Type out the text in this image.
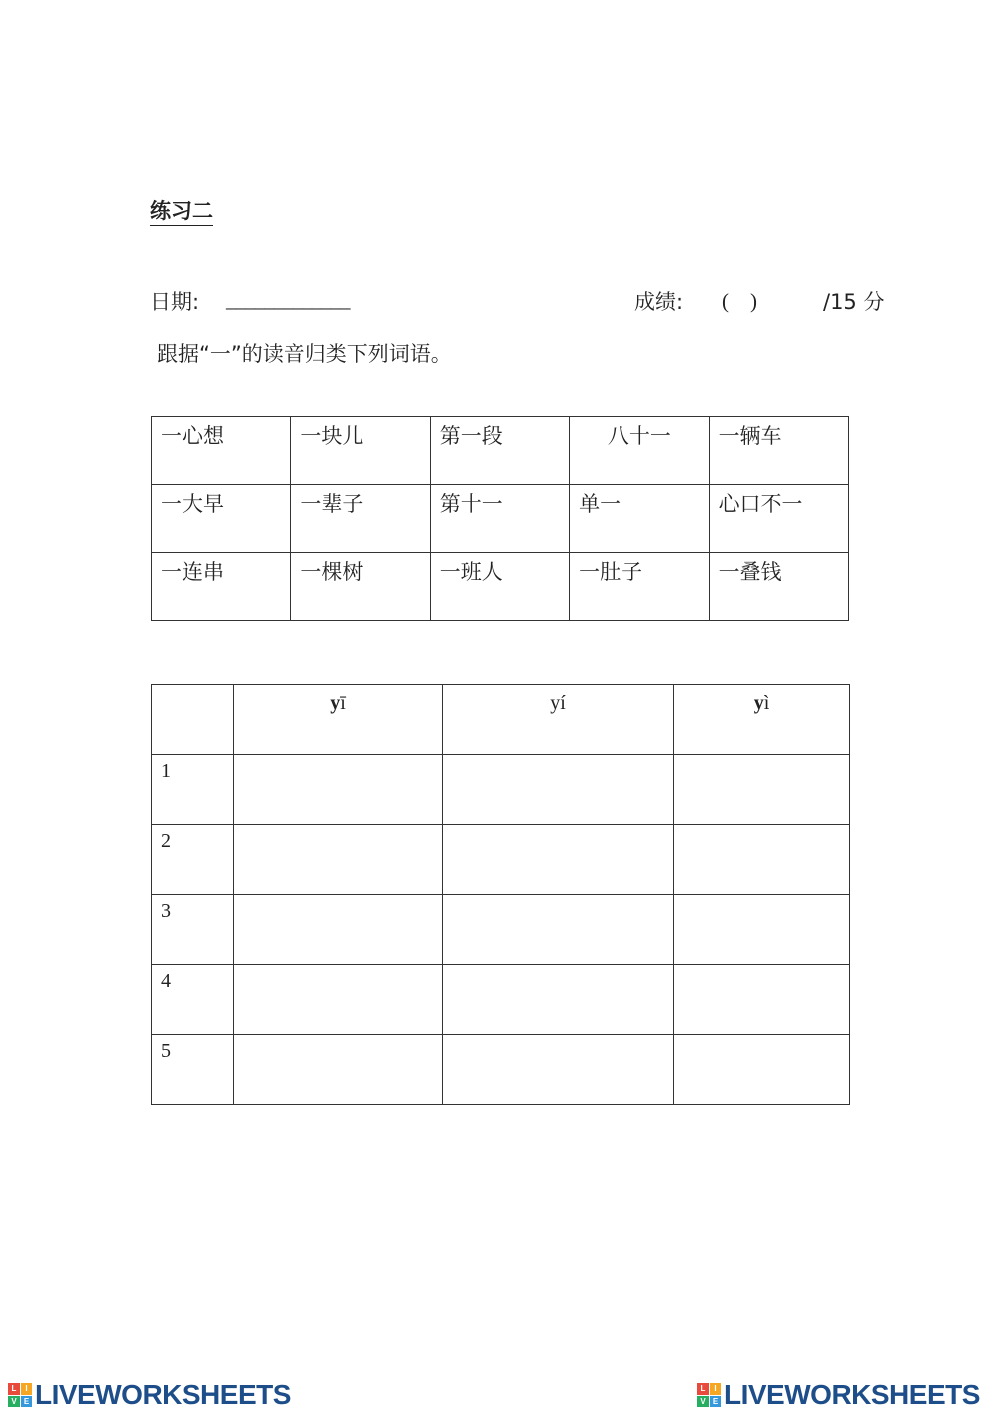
练习二
日期: _____________	成绩: (    )	/15 分
跟据“一”的读音归类下列词语。
一心想	一块儿	第一段	八十一	一辆车
一大早	一辈子	第十一	单一	心口不一
一连串	一棵树	一班人	一肚子	一叠钱
	yī	yí	yì
1			
2			
3			
4			
5			
L	I
V E LIVEWORKSHEETS	L	I
V E LIVEWORKSHEETS
